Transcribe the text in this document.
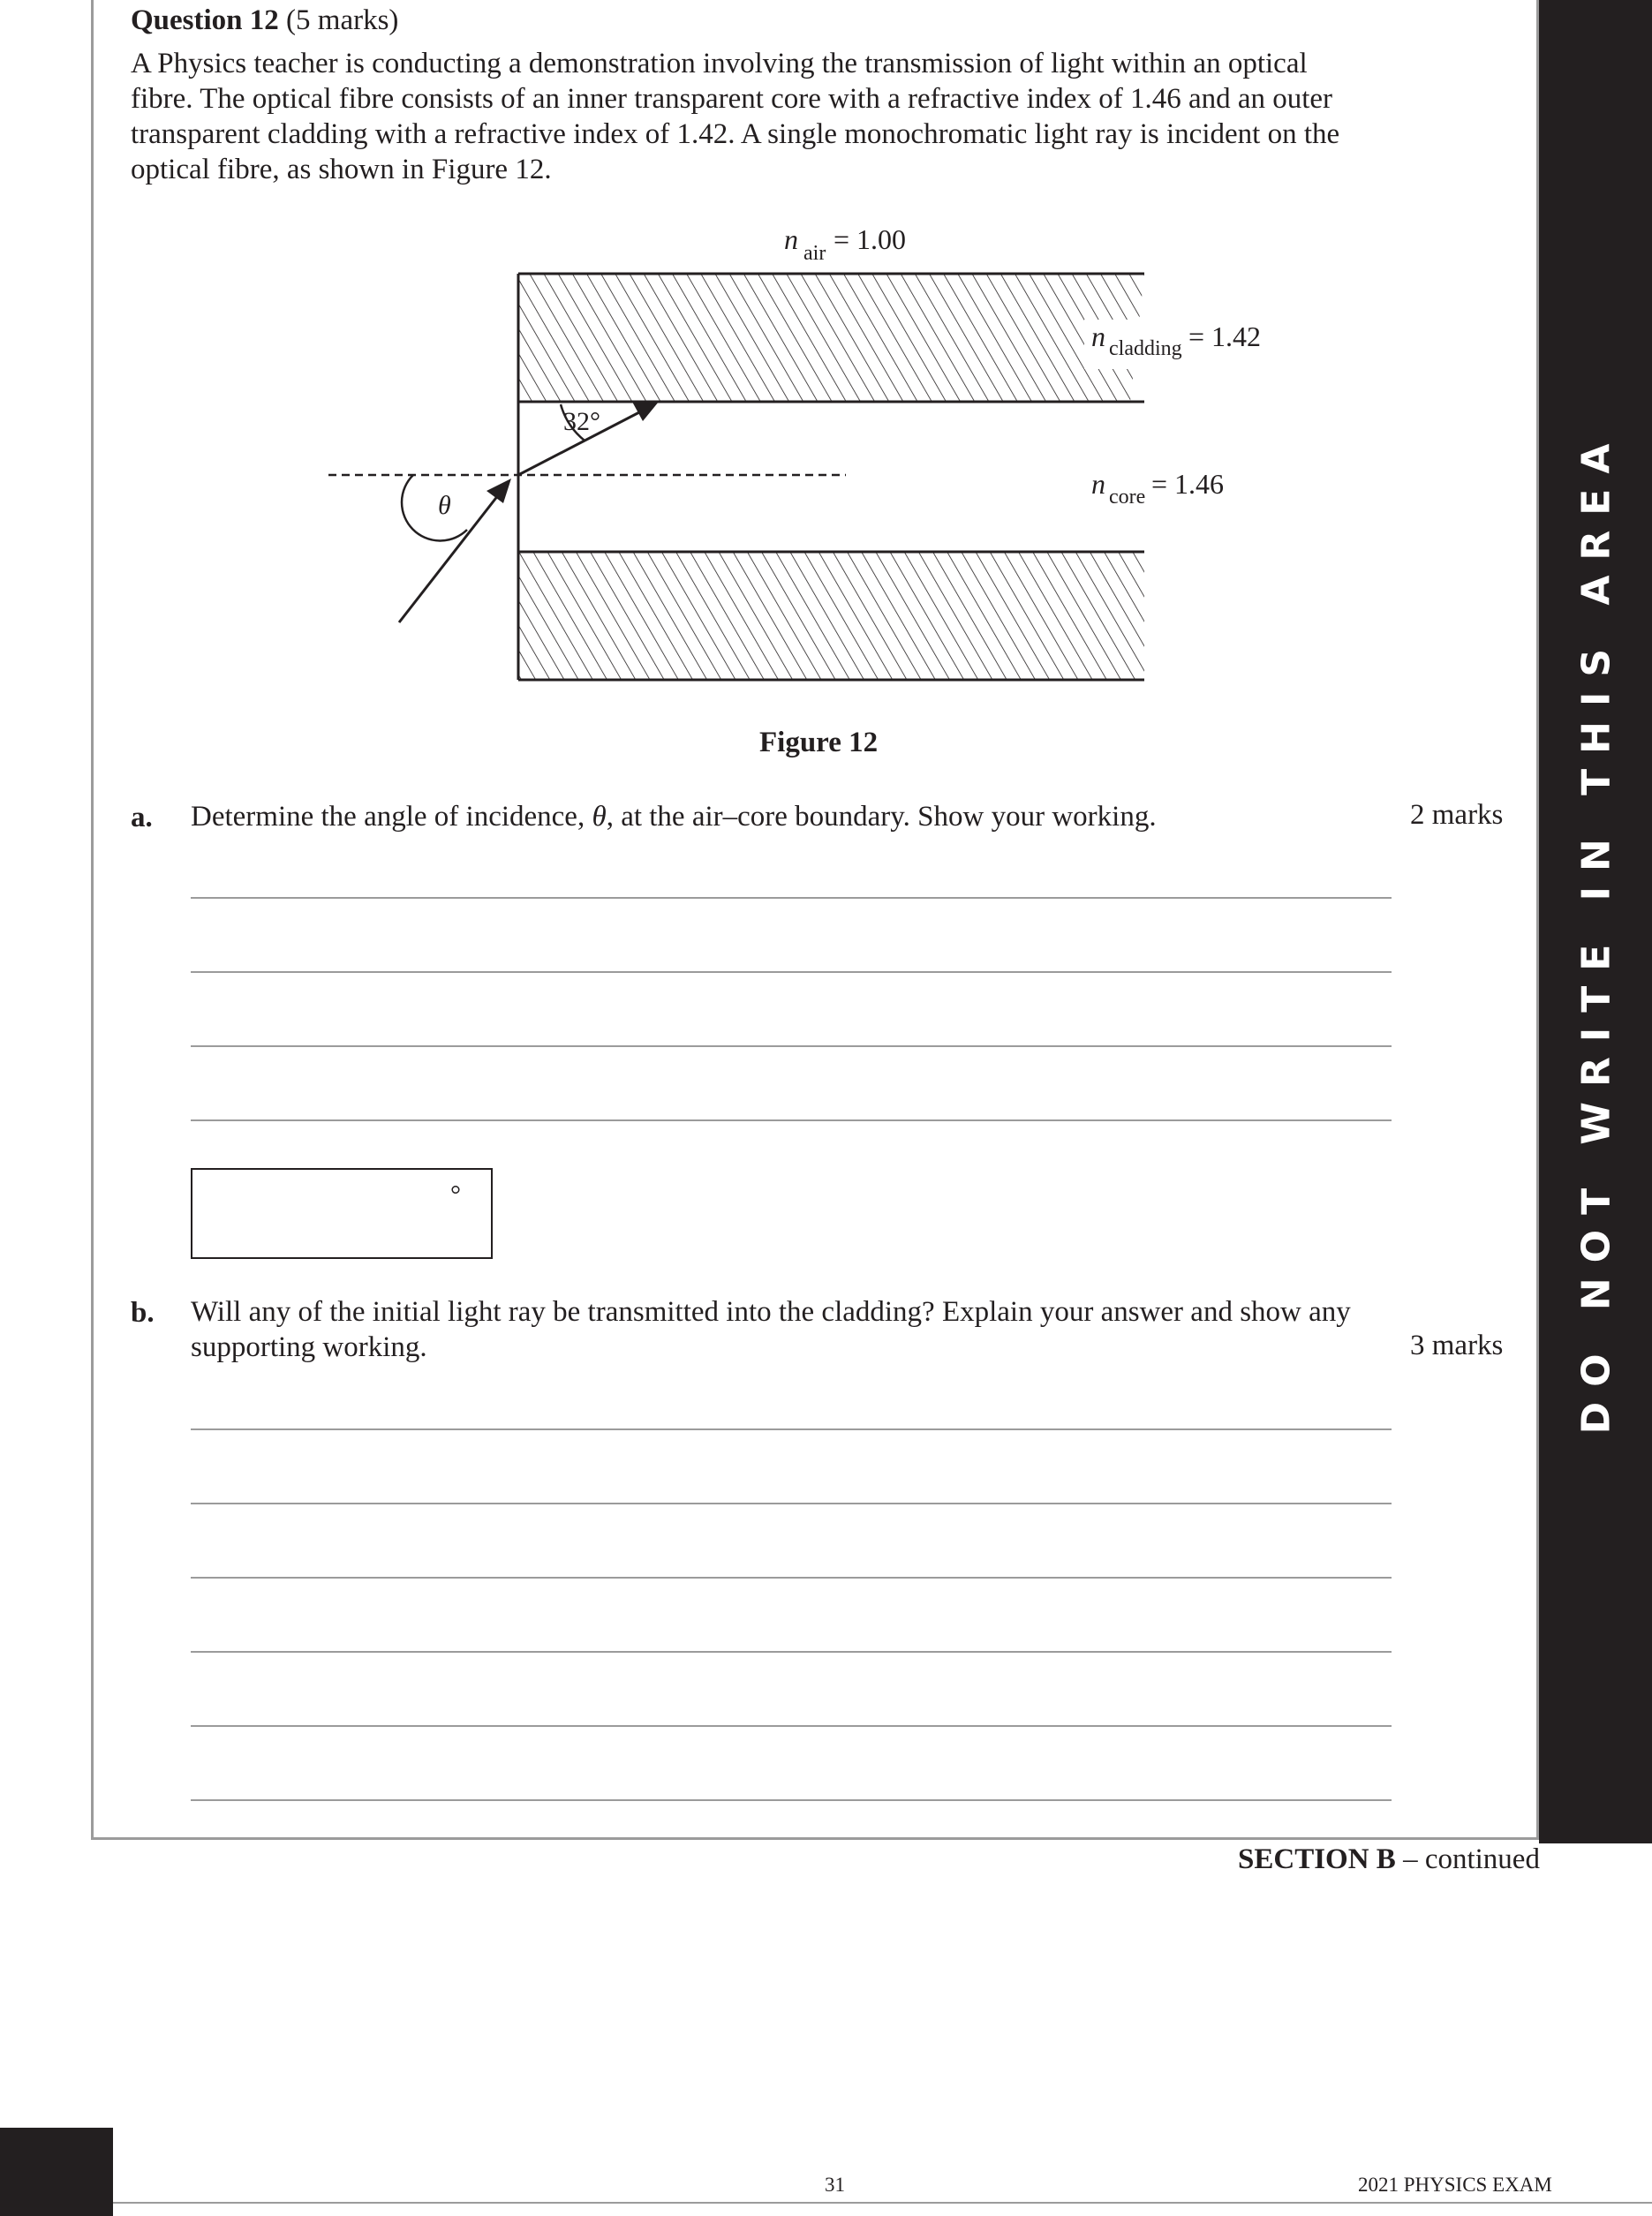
DO NOT WRITE IN THIS AREA
Question 12 (5 marks)
A Physics teacher is conducting a demonstration involving the transmission of light within an optical
fibre. The optical fibre consists of an inner transparent core with a refractive index of 1.46 and an outer
transparent cladding with a refractive index of 1.42. A single monochromatic light ray is incident on the
optical fibre, as shown in Figure 12.
32°
θ
n air = 1.00
n cladding = 1.42
n core = 1.46
Figure 12
a. Determine the angle of incidence, θ, at the air–core boundary. Show your working.	2 marks
°
b. Will any of the initial light ray be transmitted into the cladding? Explain your answer and show any
supporting working.	3 marks
SECTION B – continued
31	2021 PHYSICS EXAM
